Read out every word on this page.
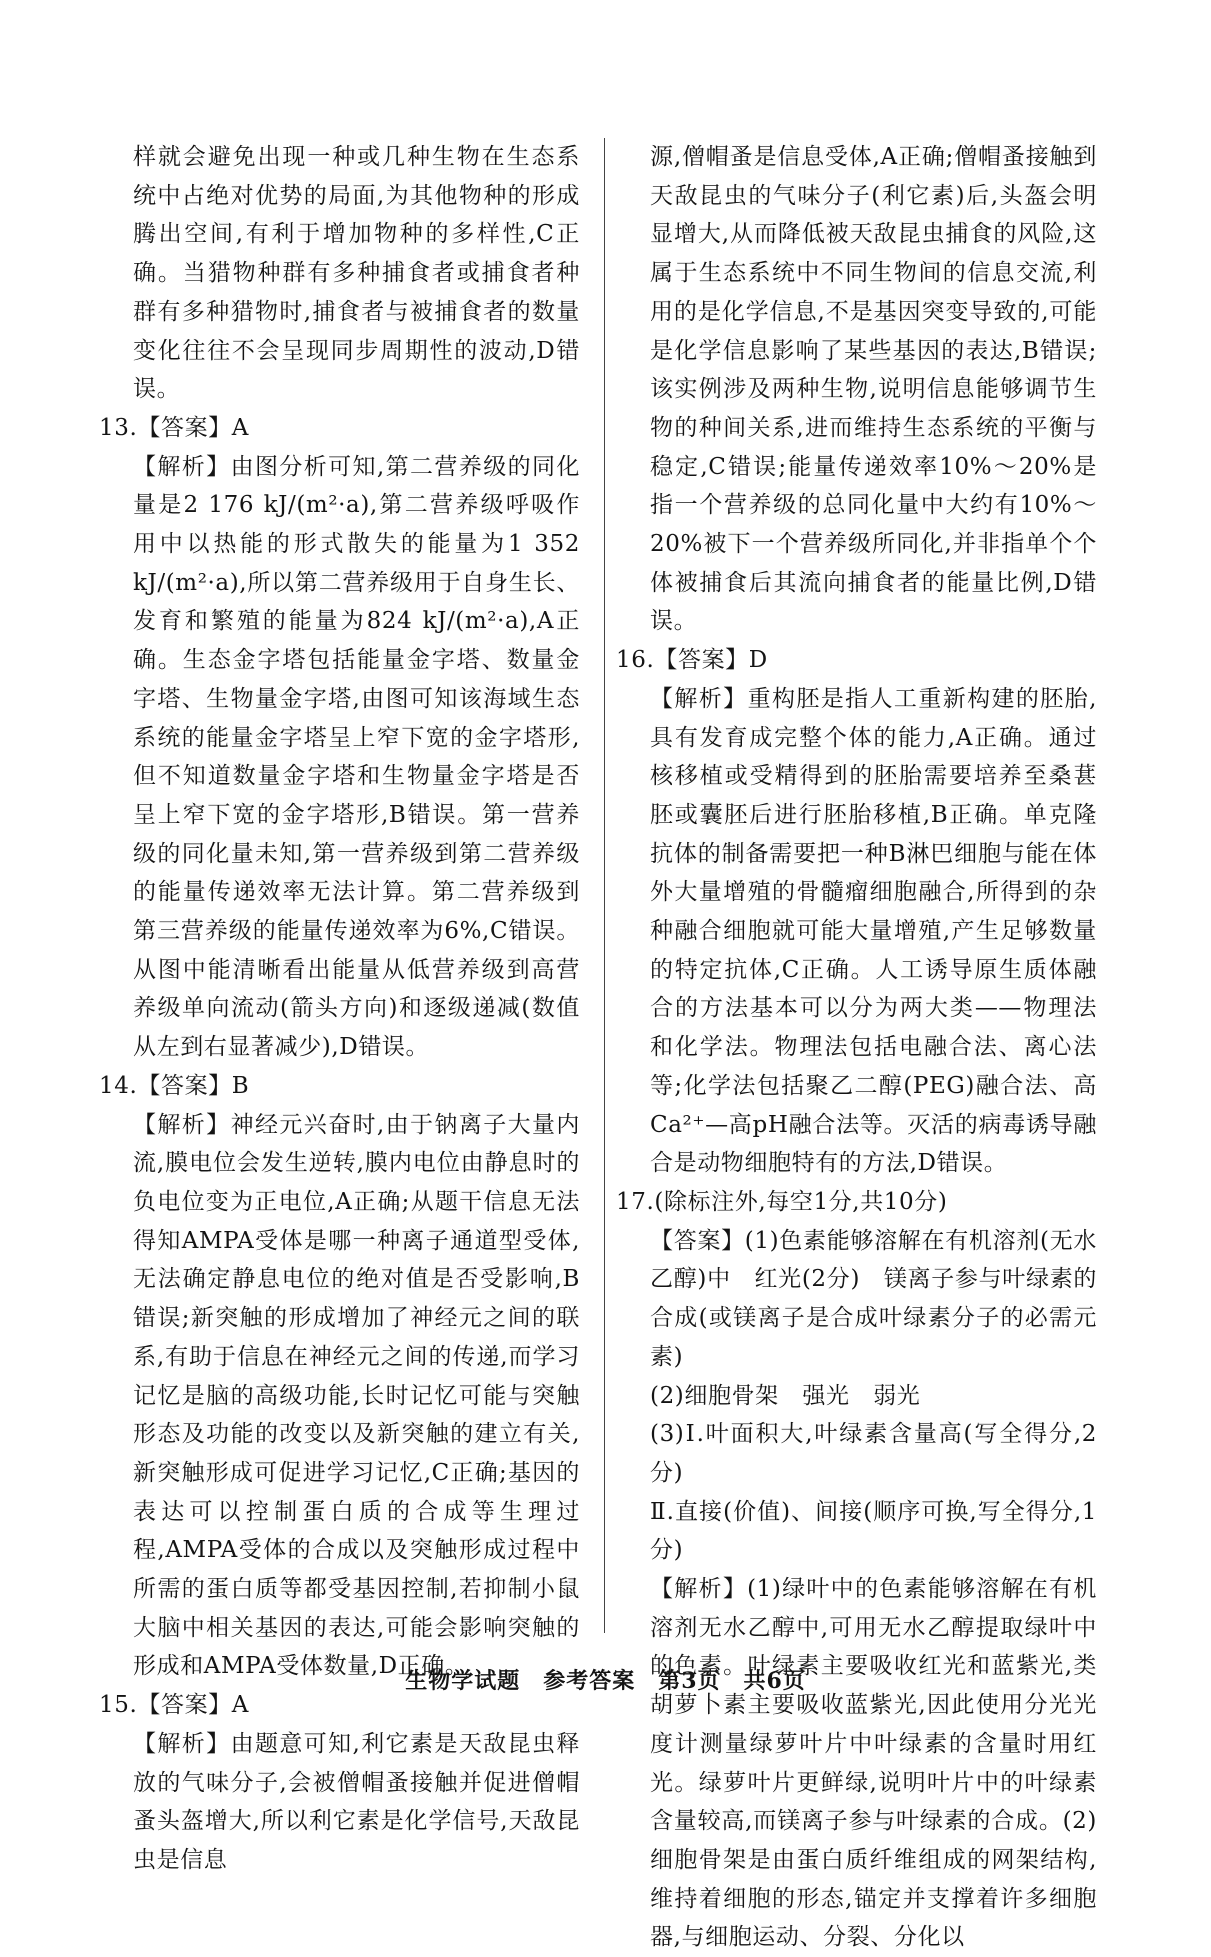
样就会避免出现一种或几种生物在生态系统中占绝对优势的局面,为其他物种的形成腾出空间,有利于增加物种的多样性,C正确。当猎物种群有多种捕食者或捕食者种群有多种猎物时,捕食者与被捕食者的数量变化往往不会呈现同步周期性的波动,D错误。

13.【答案】A

【解析】由图分析可知,第二营养级的同化量是2 176 kJ/(m²·a),第二营养级呼吸作用中以热能的形式散失的能量为1 352 kJ/(m²·a),所以第二营养级用于自身生长、发育和繁殖的能量为824 kJ/(m²·a),A正确。生态金字塔包括能量金字塔、数量金字塔、生物量金字塔,由图可知该海域生态系统的能量金字塔呈上窄下宽的金字塔形,但不知道数量金字塔和生物量金字塔是否呈上窄下宽的金字塔形,B错误。第一营养级的同化量未知,第一营养级到第二营养级的能量传递效率无法计算。第二营养级到第三营养级的能量传递效率为6%,C错误。从图中能清晰看出能量从低营养级到高营养级单向流动(箭头方向)和逐级递减(数值从左到右显著减少),D错误。

14.【答案】B

【解析】神经元兴奋时,由于钠离子大量内流,膜电位会发生逆转,膜内电位由静息时的负电位变为正电位,A正确;从题干信息无法得知AMPA受体是哪一种离子通道型受体,无法确定静息电位的绝对值是否受影响,B错误;新突触的形成增加了神经元之间的联系,有助于信息在神经元之间的传递,而学习记忆是脑的高级功能,长时记忆可能与突触形态及功能的改变以及新突触的建立有关,新突触形成可促进学习记忆,C正确;基因的表达可以控制蛋白质的合成等生理过程,AMPA受体的合成以及突触形成过程中所需的蛋白质等都受基因控制,若抑制小鼠大脑中相关基因的表达,可能会影响突触的形成和AMPA受体数量,D正确。

15.【答案】A

【解析】由题意可知,利它素是天敌昆虫释放的气味分子,会被僧帽蚤接触并促进僧帽蚤头盔增大,所以利它素是化学信号,天敌昆虫是信息

源,僧帽蚤是信息受体,A正确;僧帽蚤接触到天敌昆虫的气味分子(利它素)后,头盔会明显增大,从而降低被天敌昆虫捕食的风险,这属于生态系统中不同生物间的信息交流,利用的是化学信息,不是基因突变导致的,可能是化学信息影响了某些基因的表达,B错误;该实例涉及两种生物,说明信息能够调节生物的种间关系,进而维持生态系统的平衡与稳定,C错误;能量传递效率10%～20%是指一个营养级的总同化量中大约有10%～20%被下一个营养级所同化,并非指单个个体被捕食后其流向捕食者的能量比例,D错误。

16.【答案】D

【解析】重构胚是指人工重新构建的胚胎,具有发育成完整个体的能力,A正确。通过核移植或受精得到的胚胎需要培养至桑葚胚或囊胚后进行胚胎移植,B正确。单克隆抗体的制备需要把一种B淋巴细胞与能在体外大量增殖的骨髓瘤细胞融合,所得到的杂种融合细胞就可能大量增殖,产生足够数量的特定抗体,C正确。人工诱导原生质体融合的方法基本可以分为两大类——物理法和化学法。物理法包括电融合法、离心法等;化学法包括聚乙二醇(PEG)融合法、高Ca²⁺—高pH融合法等。灭活的病毒诱导融合是动物细胞特有的方法,D错误。

17.(除标注外,每空1分,共10分)

【答案】(1)色素能够溶解在有机溶剂(无水乙醇)中　红光(2分)　镁离子参与叶绿素的合成(或镁离子是合成叶绿素分子的必需元素)

(2)细胞骨架　强光　弱光

(3)Ⅰ.叶面积大,叶绿素含量高(写全得分,2分)

Ⅱ.直接(价值)、间接(顺序可换,写全得分,1分)

【解析】(1)绿叶中的色素能够溶解在有机溶剂无水乙醇中,可用无水乙醇提取绿叶中的色素。叶绿素主要吸收红光和蓝紫光,类胡萝卜素主要吸收蓝紫光,因此使用分光光度计测量绿萝叶片中叶绿素的含量时用红光。绿萝叶片更鲜绿,说明叶片中的叶绿素含量较高,而镁离子参与叶绿素的合成。(2)细胞骨架是由蛋白质纤维组成的网架结构,维持着细胞的形态,锚定并支撑着许多细胞器,与细胞运动、分裂、分化以

生物学试题　参考答案　第3页　共6页
